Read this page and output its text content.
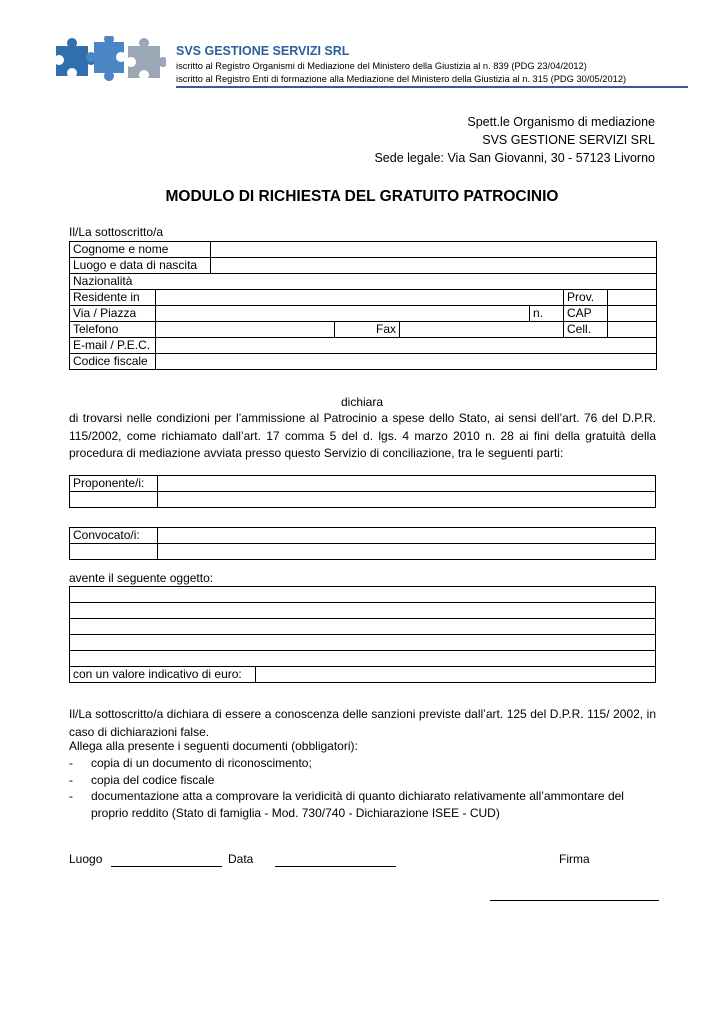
SVS GESTIONE SERVIZI SRL
iscritto al Registro Organismi di Mediazione del Ministero della Giustizia al n. 839 (PDG 23/04/2012)
iscritto al Registro Enti di formazione alla Mediazione del Ministero della Giustizia al n. 315 (PDG 30/05/2012)
Spett.le Organismo di mediazione
SVS GESTIONE SERVIZI SRL
Sede legale: Via San Giovanni, 30 - 57123 Livorno
MODULO DI RICHIESTA DEL GRATUITO PATROCINIO
Il/La sottoscritto/a
Cognome e nome							
Luogo e data di nascita							
Nazionalità							
Residente in						Prov.	
Via / Piazza					n.	CAP	
Telefono			Fax			Cell.	
E-mail / P.E.C.							
Codice fiscale							
dichiara
di trovarsi nelle condizioni per l’ammissione al Patrocinio a spese dello Stato, ai sensi dell’art. 76 del D.P.R. 115/2002, come richiamato dall’art. 17 comma 5 del d. lgs. 4 marzo 2010 n. 28 ai fini della gratuità della procedura di mediazione avviata presso questo Servizio di conciliazione, tra le seguenti parti:
Proponente/i:	

Convocato/i:	

avente il seguente oggetto:

con un valore indicativo di euro:	
Il/La sottoscritto/a dichiara di essere a conoscenza delle sanzioni previste dall’art. 125 del D.P.R. 115/ 2002, in caso di dichiarazioni false.
Allega alla presente i seguenti documenti (obbligatori):
- copia di un documento di riconoscimento;
- copia del codice fiscale
- documentazione atta a comprovare la veridicità di quanto dichiarato relativamente all’ammontare del proprio reddito (Stato di famiglia - Mod. 730/740 - Dichiarazione ISEE - CUD)
Luogo	Data	Firma
